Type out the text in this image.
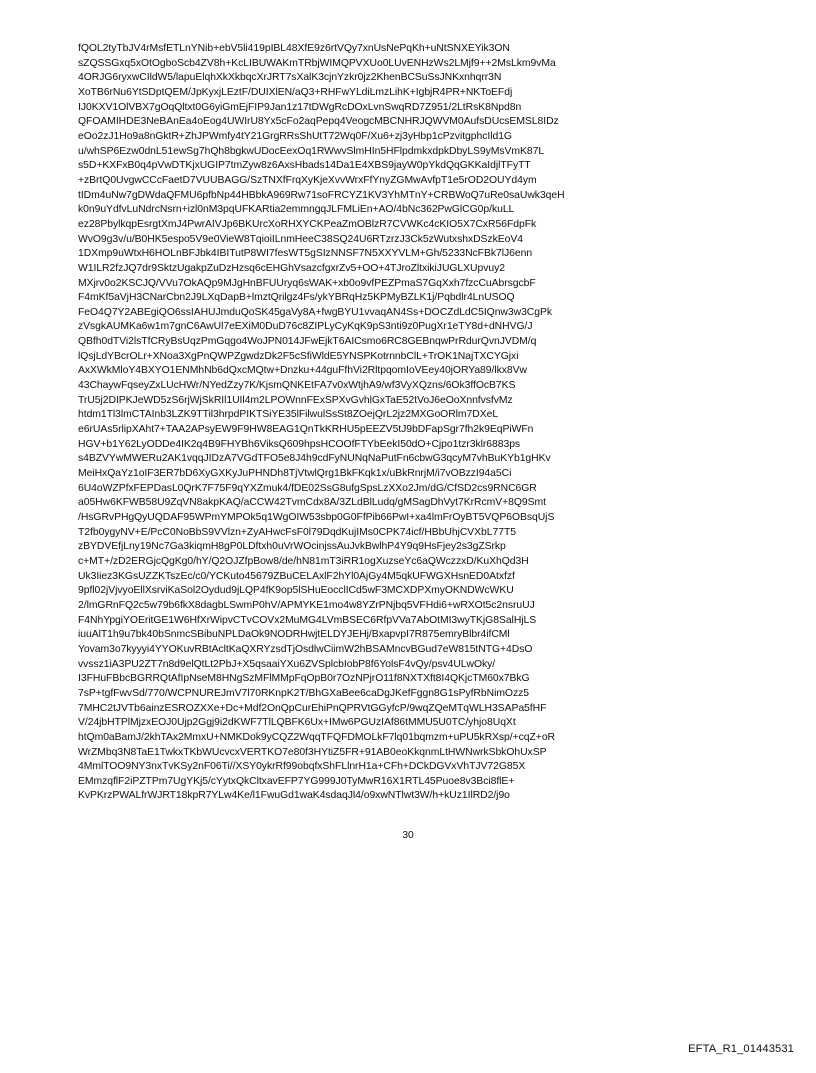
fQOL2tyTbJV4rMsfETLnYNib+ebV5li419pIBL48XfE9z6rtVQy7xnUsNePqKh+uNtSNXEYik3ON
sZQSSGxq5xOtOgboScb4ZV8h+KcLIBUWAKmTRbjWIMQPVXUo0LUvENHzWs2LMjf9++2MsLkm9vMa
4ORJG6ryxwCIldW5/lapuElqhXkXkbqcXrJRT7sXalK3cjnYzkr0jz2KhenBCSuSsJNKxnhqrr3N
XoTB6rNu6YtSDptQEM/JpKyxjLEztF/DUIXlEN/aQ3+RHFwYLdiLmzLihK+IgbjR4PR+NKToEFdj
IJ0KXV1OlVBX7gOqQltxt0G6yiGmEjFIP9Jan1z17tDWgRcDOxLvnSwqRD7Z951/2LtRsK8Npd8n
QFOAMIHDE3NeBAnEa4oEog4UWIrU8Yx5cFo2aqPepq4VeogcMBCNHRJQWVM0AufsDUcsEMSL8IDz
eOo2zJ1Ho9a8nGktR+ZhJPWmfy4tY21GrgRRsShUtT72Wq0F/Xu6+zj3yHbp1cPzvitgphcIld1G
u/whSP6Ezw0dnL51ewSg7hQh8bgkwUDocEexOq1RWwvSlmHIn5HFlpdmkxdpkDbyLS9yMsVmK87L
s5D+KXFxB0q4pVwDTKjxUGIP7tmZyw8z6AxsHbads14Da1E4XBS9jayW0pYkdQqGKKaIdjlTFyTT
+zBrtQ0UvgwCCcFaetD7VUUBAGG/SzTNXfFrqXyKjeXvvWrxFfYnyZGMwAvfpT1e5rOD2OUYd4ym
tIDm4uNw7gDWdaQFMU6pfbNp44HBbkA969Rw71soFRCYZ1KV3YhMTnY+CRBWoQ7uRe0saUwk3qeH
k0n9uYdfvLuNdrcNsrn+izl0nM3pqUFKARtia2emmngqJLFMLiEn+AO/4bNc362PwGlCG0p/kuLL
ez28PbylkqpEsrgtXmJ4PwrAIVJp6BKUrcXoRHXYCKPeaZmOBlzR7CVWKc4cKIO5X7CxR56FdpFk
WvO9g3v/u/B0HK5espo5V9e0VieW8TqioiILnmHeeC38SQ24U6RTzrzJ3Ck5zWutxshxDSzkEoV4
1DXmp9uWtxH6HOLnBFJbk4IBITutP8WI7fesWT5gSIzNNSF7N5XXYVLM+Gh/5233NcFBk7lJ6enn
W1ILR2fzJQ7dr9SktzUgakpZuDzHzsq6cEHGhVsazcfgxrZv5+OO+4TJroZltxikiJUGLXUpvuy2
MXjrv0o2KSCJQ/VVu7OkAQp9MJgHnBFUUryq6sWAK+xb0o9vfPEZPmaS7GqXxh7fzcCuAbrsgcbF
F4mKf5aVjH3CNarCbn2J9LXqDapB+lmztQrilgz4Fs/ykYBRqHz5KPMyBZLK1j/Pqbdlr4LnUSOQ
FeO4Q7Y2ABEgiQO6ssIAHUJmduQoSK45gaVy8A+fwgBYU1vvaqAN4Ss+DOCZdLdC5IQnw3w3CgPk
zVsgkAUMKa6w1m7gnC6AwUl7eEXiM0DuD76c8ZIPLyCyKqK9pS3nti9z0PugXr1eTY8d+dNHVG/J
QBfh0dTVi2lsTfCRyBsUqzPmGqgo4WoJPN014JFwEjkT6AICsmo6RC8GEBnqwPrRdurQvnJVDM/q
lQsjLdYBcrOLr+XNoa3XgPnQWPZgwdzDk2F5cSfiWldE5YNSPKotrnnbClL+TrOK1NajTXCYGjxi
AxXWkMloY4BXYO1ENMhNb6dQxcMQtw+Dnzku+44guFfhVi2RltpqomIoVEey40jORYa89/lkx8Vw
43ChaywFqseyZxLUcHWr/NYedZzy7K/KjsmQNKEtFA7v0xWtjhA9/wf3VyXQzns/6Ok3ffOcB7KS
TrU5j2DIPKJeWD5zS6rjWjSkRIl1UIl4m2LPOWnnFExSPXvGvhlGxTaE52tVoJ6eOoXnnfvsfvMz
htdm1Tl3lmCTAInb3LZK9TTil3hrpdPIKTSiYE35lFilwulSsSt8ZOejQrL2jz2MXGoORlm7DXeL
e6rUAs5rlipXAht7+TAA2APsyEW9F9HW8EAG1QnTkKRHU5pEEZV5tJ9bDFapSgr7fh2k9EqPiWFn
HGV+b1Y62LyODDe4IK2q4B9FHYBh6ViksQ609hpsHCOOfFTYbEekI50dO+Cjpo1tzr3klr6883ps
s4BZVYwMWERu2AK1vqqJIDzA7VGdTFO5e8J4h9cdFyNUNqNaPutFn6cbwG3qcyM7vhBuKYb1gHKv
MeiHxQaYz1oIF3ER7bD6XyGXKyJuPHNDh8TjVtwlQrg1BkFKqk1x/uBkRnrjM/i7vOBzzI94a5Ci
6U4oWZPfxFEPDasL0QrK7F75F9qYXZmuk4/fDE02SsG8ufgSpsLzXXo2Jm/dG/CfSD2cs9RNC6GR
a05Hw6KFWB58U9ZqVN8akpKAQ/aCCW42TvmCdx8A/3ZLdBlLudq/gMSagDhVyt7KrRcmV+8Q9Smt
/HsGRvPHgQyUQDAF95WPmYMPOk5q1WgOIW53sbp0G0FfPib66PwI+xa4lmFrOyBT5VQP6OBsqUjS
T2fb0ygyNV+E/PcC0NoBbS9VVlzn+ZyAHwcFsF0l79DqdKujIMs0CPK74icf/HBbUhjCVXbL77T5
zBYDVEfjLny19Nc7Ga3kiqmH8gP0LDftxh0uVrWOcinjssAuJvkBwlhP4Y9q9HsFjey2s3gZSrkp
c+MT+/zD2ERGjcQgKg0/hY/Q2OJZfpBow8/de/hN81mT3iRR1ogXuzseYc6aQWczzxD/KuXhQd3H
Uk3Iiez3KGsUZZKTszEc/c0/YCKuto45679ZBuCELAxlF2hYl0AjGy4M5qkUFWGXHsnED0Atxfzf
9pfl02jVjvyoEllXsrviKaSol2Oydud9jLQP4fK9op5lSHuEocclICd5wF3MCXDPXmyOKNDWcWKU
2/lmGRnFQ2c5w79b6fkX8dagbLSwmP0hV/APMYKE1mo4w8YZrPNjbq5VFHdi6+wRXOt5c2nsruUJ
F4NhYpgiYOEritGE1W6HfXrWipvCTvCOVx2MuMG4LVmBSEC6RfpVVa7AbOtMI3wyTKjG8SalHjLS
iuuAlT1h9u7bk40bSnmcSBibuNPLDaOk9NODRHwjtELDYJEHj/BxapvpI7R875emryBlbr4ifCMl
Yovam3o7kyyyi4YYOKuvRBtAcltKaQXRYzsdTjOsdlwCiimW2hBSAMncvBGud7eW815tNTG+4DsO
vvssz1iA3PU2ZT7n8d9elQtLt2PbJ+X5qsaaiYXu6ZVSplcbIobP8f6YolsF4vQy/psv4ULwOky/
I3FHuFBbcBGRRQtAfIpNseM8HNgSzMFlMMpFqOpB0r7OzNPjrO11f8NXTXft8I4QKjcTM60x7BkG
7sP+tgfFwvSd/770/WCPNUREJmV7l70RKnpK2T/BhGXaBee6caDgJKefFggn8G1sPyfRbNimOzz5
7MHC2tJVTb6ainzESROZXXe+Dc+Mdf2OnQpCurEhiPnQPRVtGGyfcP/9wqZQeMTqWLH3SAPa5fHF
V/24jbHTPlMjzxEOJ0Ujp2Ggj9i2dKWF7TlLQBFK6Ux+IMw6PGUzIAf86tMMU5U0TC/yhjo8UqXt
htQm0aBamJ/2khTAx2MmxU+NMKDok9yCQZ2WqqTFQFDMOLkF7lq01bqmzm+uPU5kRXsp/+cqZ+oR
WrZMbq3N8TaE1TwkxTKbWUcvcxVERTKO7e80f3HYtiZ5FR+91AB0eoKkqnmLtHWNwrkSbkOhUxSP
4MmlTOO9NY3nxTvKSy2nF06Ti//XSY0ykrRf99obqfxShFLlnrH1a+CFh+DCkDGVxVhTJV72G85X
EMmzqflF2iPZTPm7UgYKj5/cYytxQkCltxavEFP7YG999J0TyMwR16X1RTL45Puoe8v3Bci8flE+
KvPKrzPWALfrWJRT18kpR7YLw4Ke/l1FwuGd1waK4sdaqJl4/o9xwNTlwt3W/h+kUz1IlRD2/j9o
30
EFTA_R1_01443531
